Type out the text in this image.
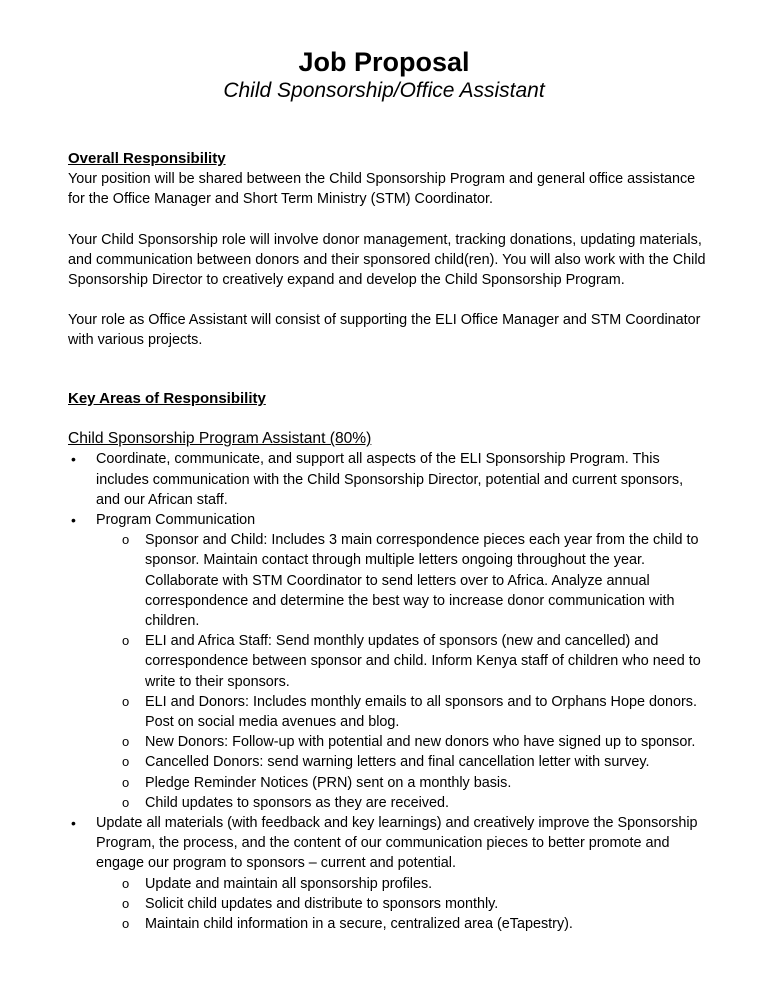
Job Proposal
Child Sponsorship/Office Assistant
Overall Responsibility

Your position will be shared between the Child Sponsorship Program and general office assistance for the Office Manager and Short Term Ministry (STM) Coordinator.

Your Child Sponsorship role will involve donor management, tracking donations, updating materials, and communication between donors and their sponsored child(ren). You will also work with the Child Sponsorship Director to creatively expand and develop the Child Sponsorship Program.

Your role as Office Assistant will consist of supporting the ELI Office Manager and STM Coordinator with various projects.

Key Areas of Responsibility
Child Sponsorship Program Assistant (80%)
• Coordinate, communicate, and support all aspects of the ELI Sponsorship Program. This includes communication with the Child Sponsorship Director, potential and current sponsors, and our African staff.
• Program Communication
o Sponsor and Child: Includes 3 main correspondence pieces each year from the child to sponsor. Maintain contact through multiple letters ongoing throughout the year. Collaborate with STM Coordinator to send letters over to Africa. Analyze annual correspondence and determine the best way to increase donor communication with children.
o ELI and Africa Staff: Send monthly updates of sponsors (new and cancelled) and correspondence between sponsor and child. Inform Kenya staff of children who need to write to their sponsors.
o ELI and Donors: Includes monthly emails to all sponsors and to Orphans Hope donors. Post on social media avenues and blog.
o New Donors: Follow-up with potential and new donors who have signed up to sponsor.
o Cancelled Donors: send warning letters and final cancellation letter with survey.
o Pledge Reminder Notices (PRN) sent on a monthly basis.
o Child updates to sponsors as they are received.
• Update all materials (with feedback and key learnings) and creatively improve the Sponsorship Program, the process, and the content of our communication pieces to better promote and engage our program to sponsors – current and potential.
o Update and maintain all sponsorship profiles.
o Solicit child updates and distribute to sponsors monthly.
o Maintain child information in a secure, centralized area (eTapestry).
